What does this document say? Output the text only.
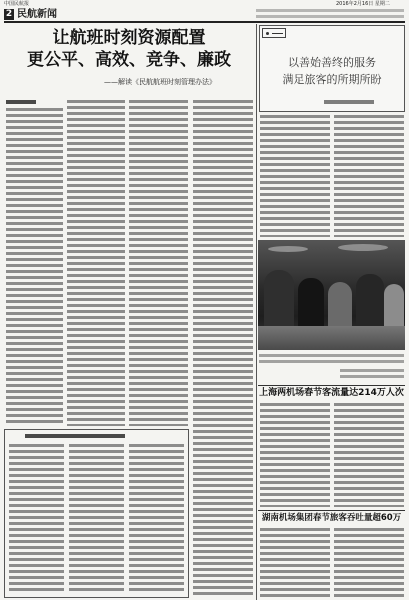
中国民航报
2 民航新闻
2016年2月16日 星期二
让航班时刻资源配置
更公平、高效、竞争、廉政
——解读《民航航班时刻管理办法》
以善始善终的服务
满足旅客的所期所盼
上海两机场春节客流量达214万人次
湖南机场集团春节旅客吞吐量超60万
